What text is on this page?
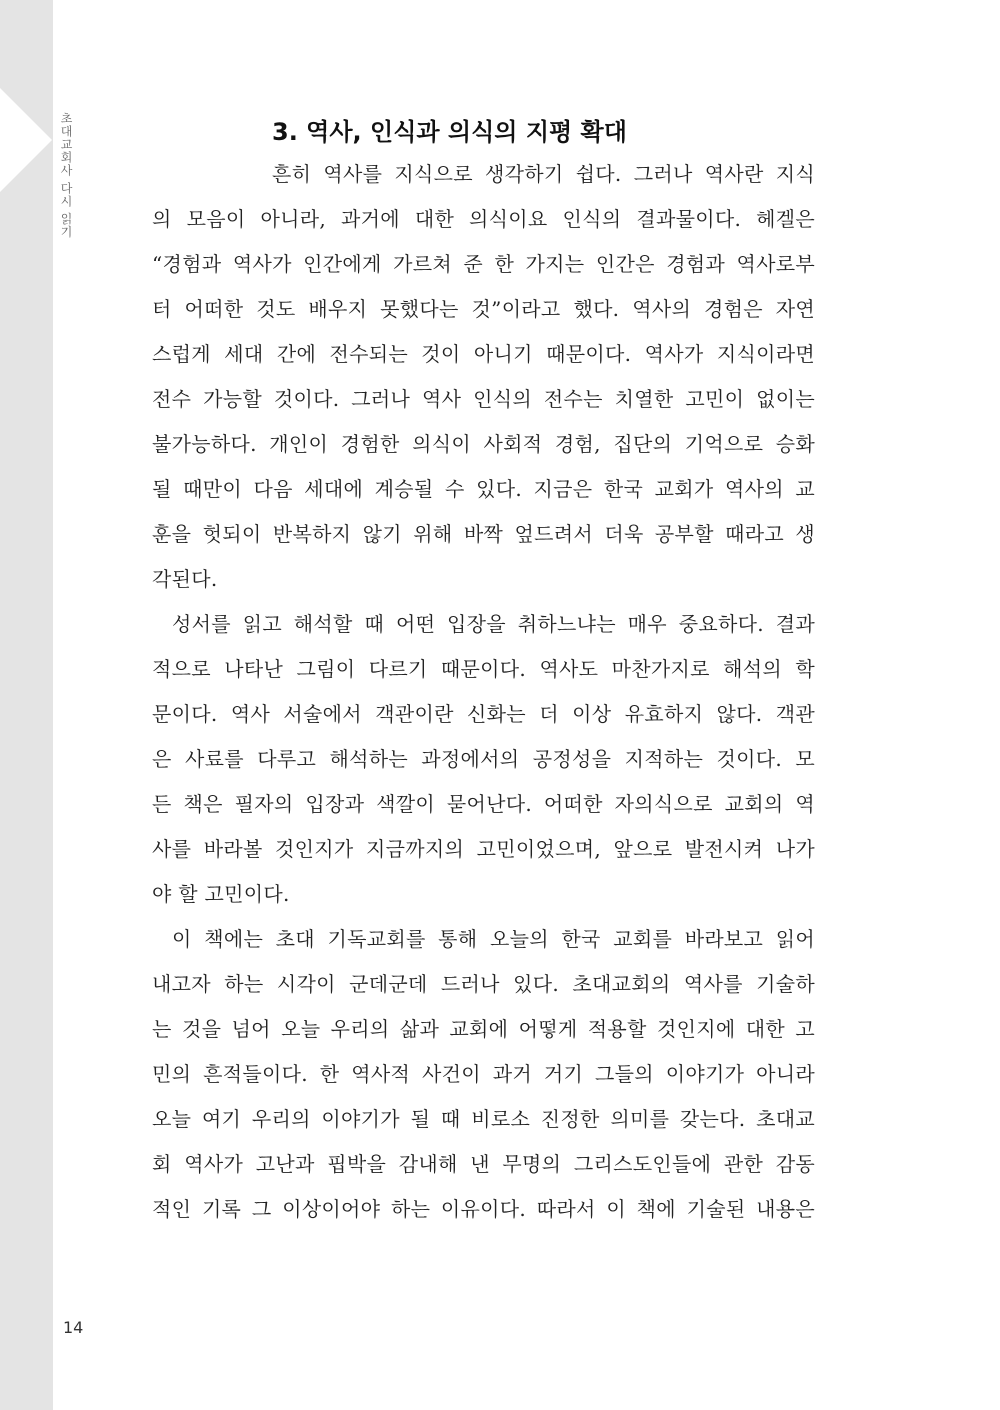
초대교회사 다시 읽기
14
3. 역사, 인식과 의식의 지평 확대

흔히 역사를 지식으로 생각하기 쉽다. 그러나 역사란 지식
의 모음이 아니라, 과거에 대한 의식이요 인식의 결과물이다. 헤겔은
“경험과 역사가 인간에게 가르쳐 준 한 가지는 인간은 경험과 역사로부
터 어떠한 것도 배우지 못했다는 것”이라고 했다. 역사의 경험은 자연
스럽게 세대 간에 전수되는 것이 아니기 때문이다. 역사가 지식이라면
전수 가능할 것이다. 그러나 역사 인식의 전수는 치열한 고민이 없이는
불가능하다. 개인이 경험한 의식이 사회적 경험, 집단의 기억으로 승화
될 때만이 다음 세대에 계승될 수 있다. 지금은 한국 교회가 역사의 교
훈을 헛되이 반복하지 않기 위해 바짝 엎드려서 더욱 공부할 때라고 생
각된다.

성서를 읽고 해석할 때 어떤 입장을 취하느냐는 매우 중요하다. 결과
적으로 나타난 그림이 다르기 때문이다. 역사도 마찬가지로 해석의 학
문이다. 역사 서술에서 객관이란 신화는 더 이상 유효하지 않다. 객관
은 사료를 다루고 해석하는 과정에서의 공정성을 지적하는 것이다. 모
든 책은 필자의 입장과 색깔이 묻어난다. 어떠한 자의식으로 교회의 역
사를 바라볼 것인지가 지금까지의 고민이었으며, 앞으로 발전시켜 나가
야 할 고민이다.

이 책에는 초대 기독교회를 통해 오늘의 한국 교회를 바라보고 읽어
내고자 하는 시각이 군데군데 드러나 있다. 초대교회의 역사를 기술하
는 것을 넘어 오늘 우리의 삶과 교회에 어떻게 적용할 것인지에 대한 고
민의 흔적들이다. 한 역사적 사건이 과거 거기 그들의 이야기가 아니라
오늘 여기 우리의 이야기가 될 때 비로소 진정한 의미를 갖는다. 초대교
회 역사가 고난과 핍박을 감내해 낸 무명의 그리스도인들에 관한 감동
적인 기록 그 이상이어야 하는 이유이다. 따라서 이 책에 기술된 내용은
